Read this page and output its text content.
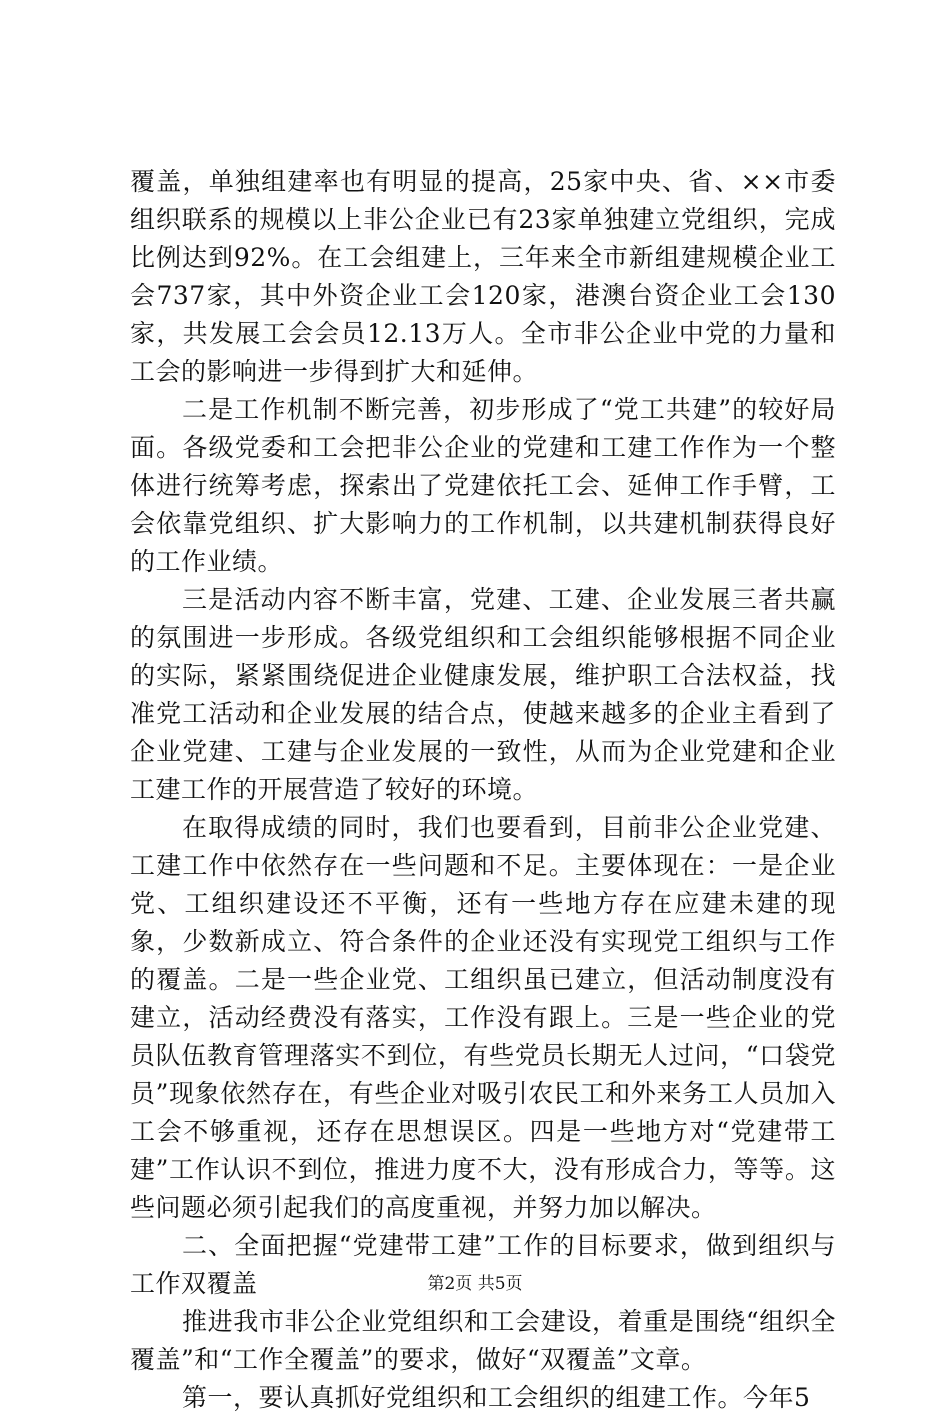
覆盖，单独组建率也有明显的提高，25家中央、省、××市委组织联系的规模以上非公企业已有23家单独建立党组织，完成比例达到92%。在工会组建上，三年来全市新组建规模企业工会737家，其中外资企业工会120家，港澳台资企业工会130家，共发展工会会员12.13万人。全市非公企业中党的力量和工会的影响进一步得到扩大和延伸。

二是工作机制不断完善，初步形成了“党工共建”的较好局面。各级党委和工会把非公企业的党建和工建工作作为一个整体进行统筹考虑，探索出了党建依托工会、延伸工作手臂，工会依靠党组织、扩大影响力的工作机制，以共建机制获得良好的工作业绩。

三是活动内容不断丰富，党建、工建、企业发展三者共赢的氛围进一步形成。各级党组织和工会组织能够根据不同企业的实际，紧紧围绕促进企业健康发展，维护职工合法权益，找准党工活动和企业发展的结合点，使越来越多的企业主看到了企业党建、工建与企业发展的一致性，从而为企业党建和企业工建工作的开展营造了较好的环境。

在取得成绩的同时，我们也要看到，目前非公企业党建、工建工作中依然存在一些问题和不足。主要体现在：一是企业党、工组织建设还不平衡，还有一些地方存在应建未建的现象，少数新成立、符合条件的企业还没有实现党工组织与工作的覆盖。二是一些企业党、工组织虽已建立，但活动制度没有建立，活动经费没有落实，工作没有跟上。三是一些企业的党员队伍教育管理落实不到位，有些党员长期无人过问，“口袋党员”现象依然存在，有些企业对吸引农民工和外来务工人员加入工会不够重视，还存在思想误区。四是一些地方对“党建带工建”工作认识不到位，推进力度不大，没有形成合力，等等。这些问题必须引起我们的高度重视，并努力加以解决。

二、全面把握“党建带工建”工作的目标要求，做到组织与工作双覆盖

推进我市非公企业党组织和工会建设，着重是围绕“组织全覆盖”和“工作全覆盖”的要求，做好“双覆盖”文章。

第一，要认真抓好党组织和工会组织的组建工作。今年5

第2页 共5页
